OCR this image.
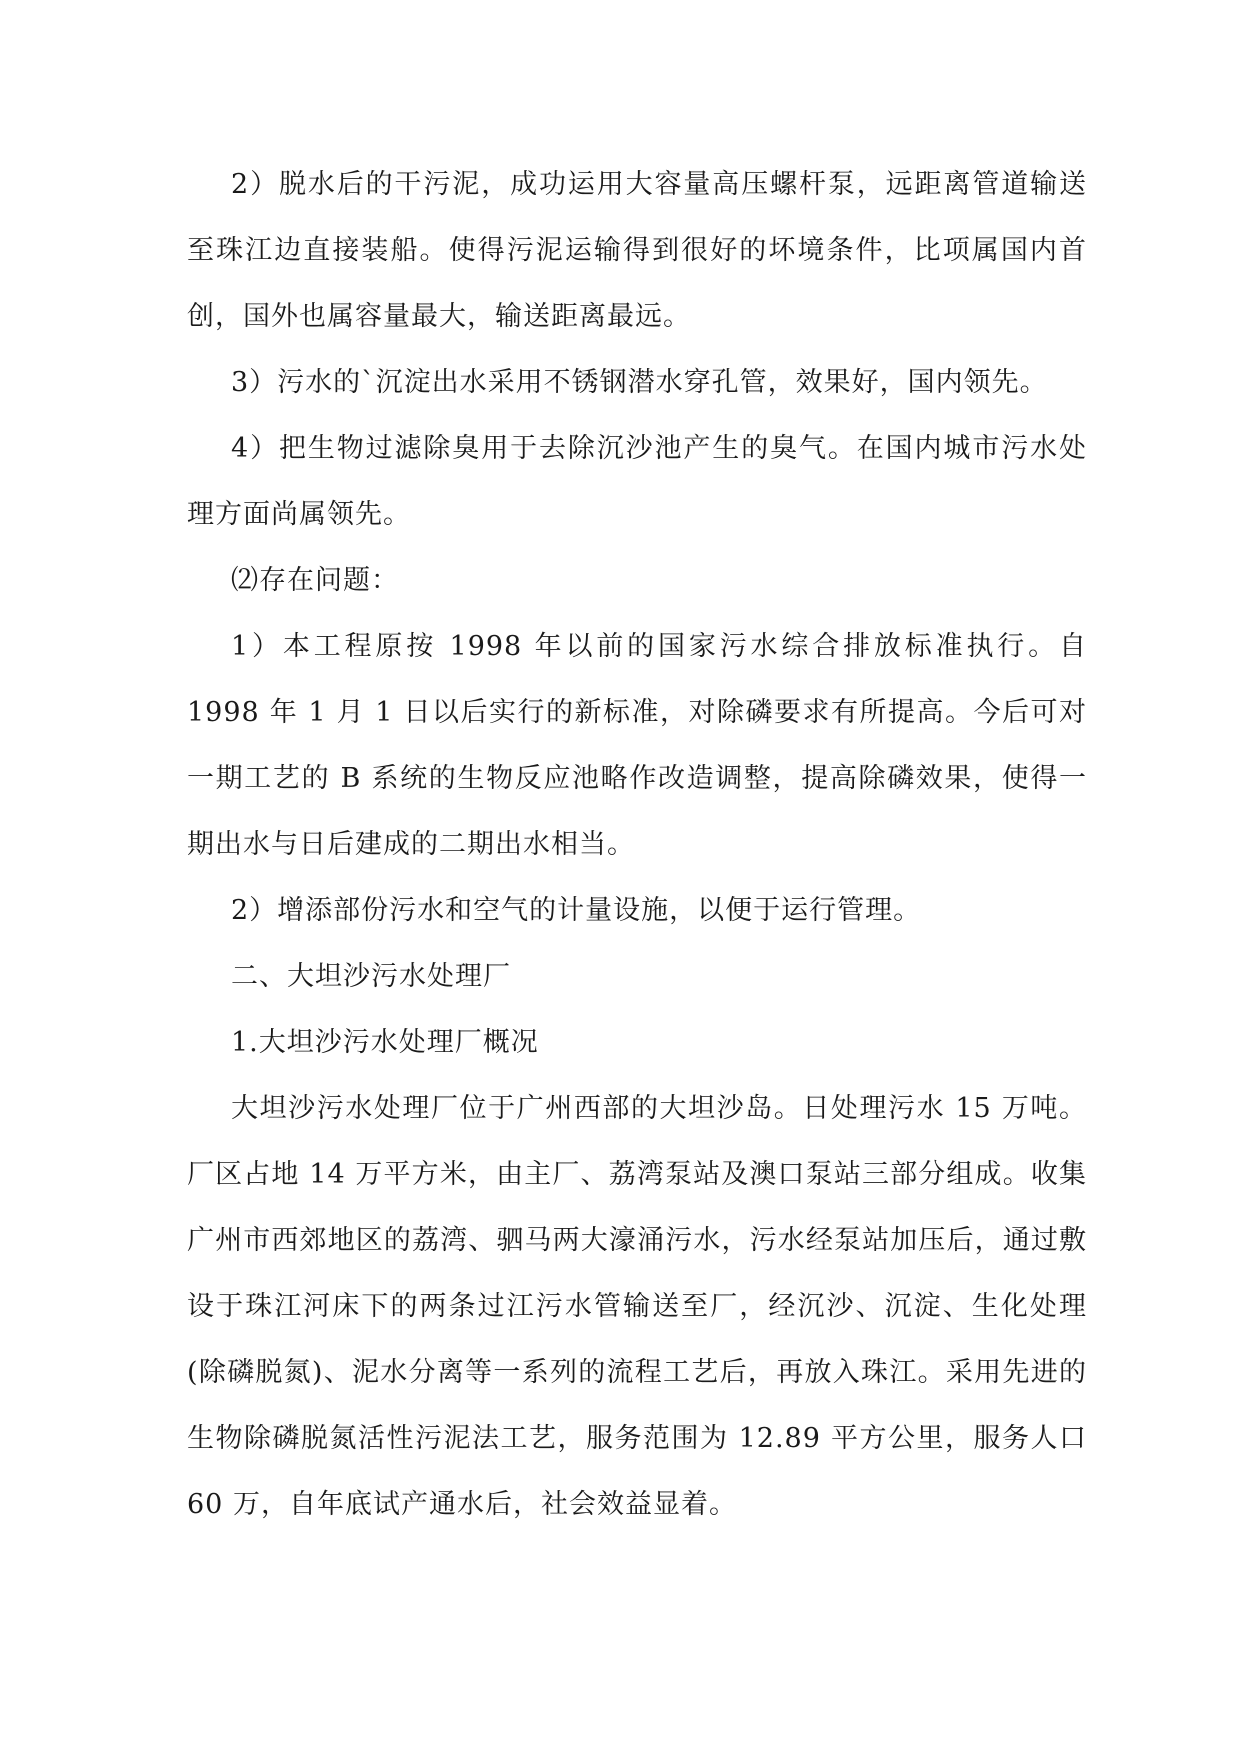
2）脱水后的干污泥，成功运用大容量高压螺杆泵，远距离管道输送至珠江边直接装船。使得污泥运输得到很好的坏境条件，比项属国内首创，国外也属容量最大，输送距离最远。

3）污水的`沉淀出水采用不锈钢潜水穿孔管，效果好，国内领先。

4）把生物过滤除臭用于去除沉沙池产生的臭气。在国内城市污水处理方面尚属领先。

⑵存在问题：

1）本工程原按 1998 年以前的国家污水综合排放标准执行。自 1998 年 1 月 1 日以后实行的新标准，对除磷要求有所提高。今后可对一期工艺的 B 系统的生物反应池略作改造调整，提高除磷效果，使得一期出水与日后建成的二期出水相当。

2）增添部份污水和空气的计量设施，以便于运行管理。

二、大坦沙污水处理厂

1.大坦沙污水处理厂概况

大坦沙污水处理厂位于广州西部的大坦沙岛。日处理污水 15 万吨。厂区占地 14 万平方米，由主厂、荔湾泵站及澳口泵站三部分组成。收集广州市西郊地区的荔湾、驷马两大濠涌污水，污水经泵站加压后，通过敷设于珠江河床下的两条过江污水管输送至厂，经沉沙、沉淀、生化处理(除磷脱氮)、泥水分离等一系列的流程工艺后，再放入珠江。采用先进的生物除磷脱氮活性污泥法工艺，服务范围为 12.89 平方公里，服务人口 60 万，自年底试产通水后，社会效益显着。
